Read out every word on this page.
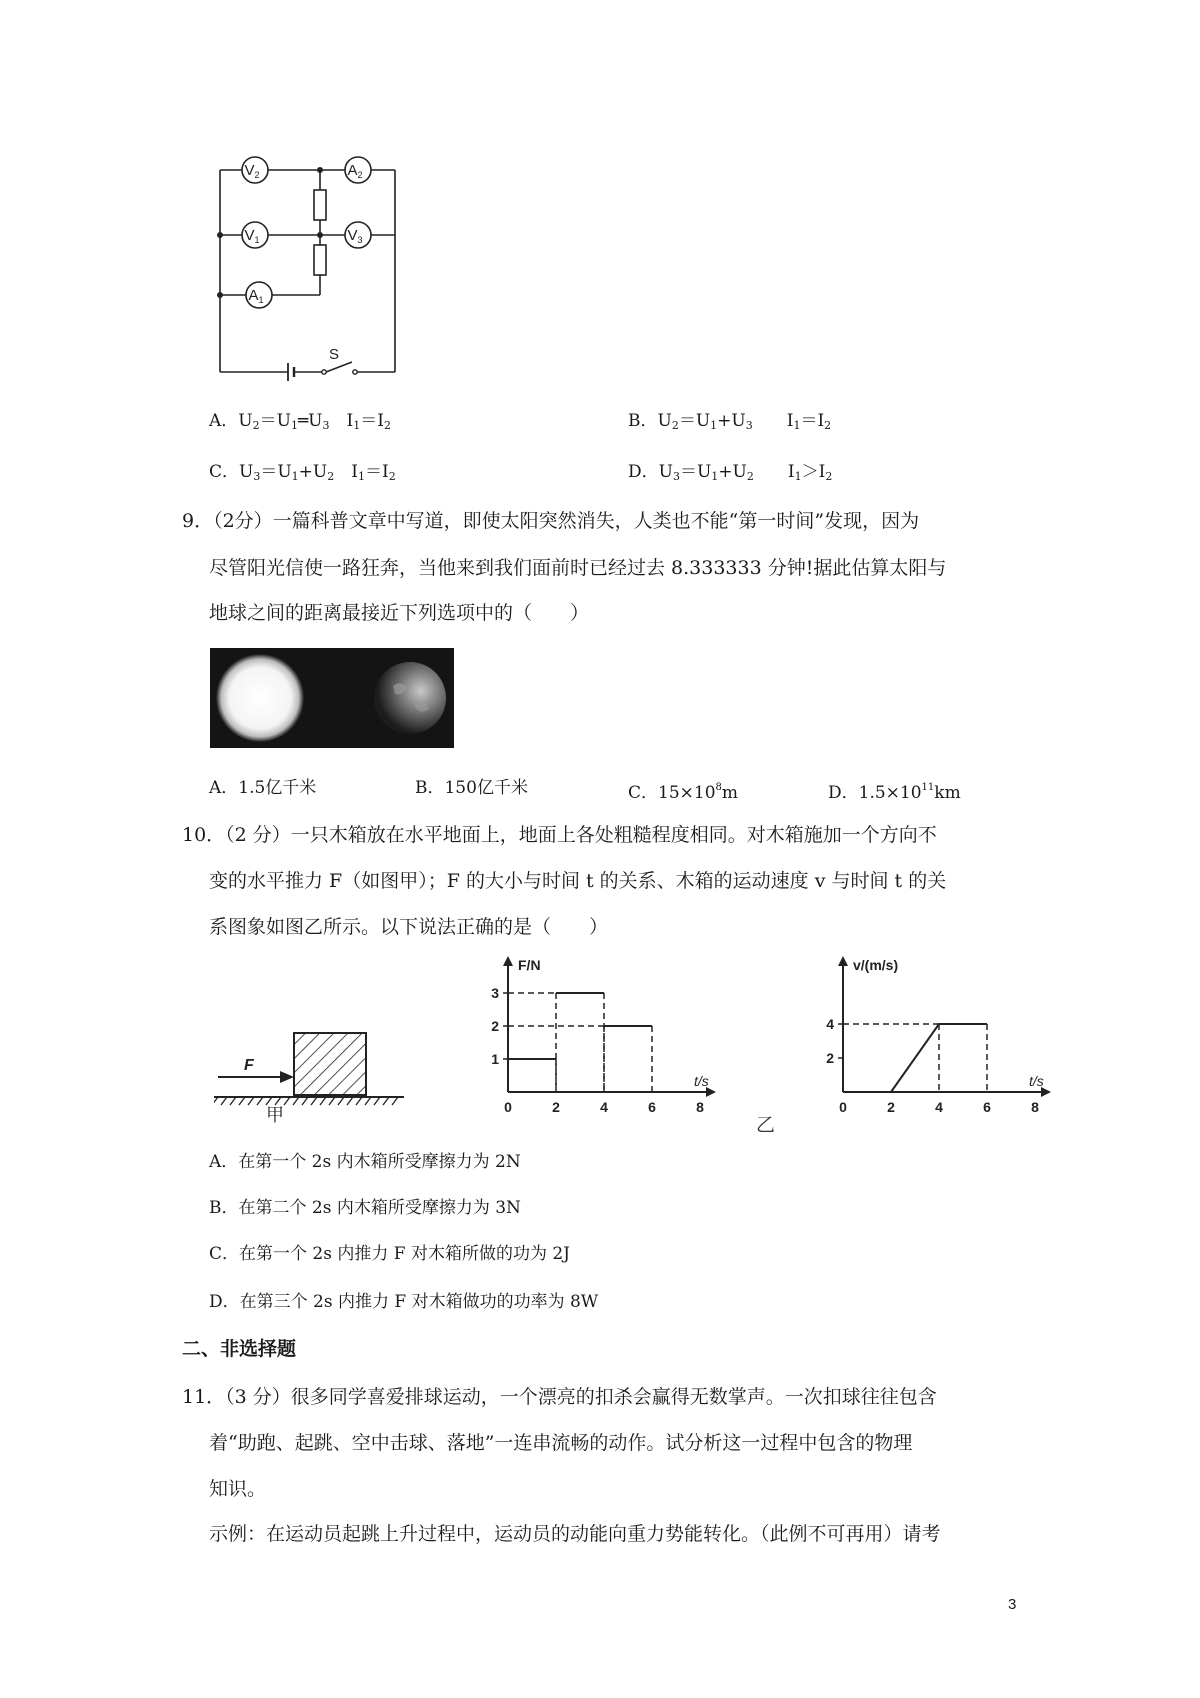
$V_2$	$A_2$
$V_1$	$V_3$
$A_1$
S
A．$U_2=U_1═U_3$　$I_1=I_2$	B．$U_2=U_1+U_3$　　$I_1=I_2$
C．$U_3=U_1+U_2$　$I_1=I_2$	D．$U_3=U_1+U_2$　　$I_1>I_2$
9．（2分）一篇科普文章中写道，即使太阳突然消失，人类也不能“第一时间”发现，因为
尽管阳光信使一路狂奔，当他来到我们面前时已经过去 8.333333 分钟!据此估算太阳与
地球之间的距离最接近下列选项中的（　　）
A．1.5亿千米	B．150亿千米	C．$15\times 10^8m$	D．$1.5\times 10^{11}km$
10．（2 分）一只木箱放在水平地面上，地面上各处粗糙程度相同。对木箱施加一个方向不
变的水平推力 F（如图甲）；F 的大小与时间 t 的关系、木箱的运动速度 v 与时间 t 的关
系图象如图乙所示。以下说法正确的是（　　）
F
甲
F/N
t/s
0	2	4	6	8
1
2
3
v/(m/s)
t/s
0	2	4	6	8
2
4
乙
A．在第一个 2s 内木箱所受摩擦力为 2N
B．在第二个 2s 内木箱所受摩擦力为 3N
C．在第一个 2s 内推力 F 对木箱所做的功为 2J
D．在第三个 2s 内推力 F 对木箱做功的功率为 8W
二、非选择题
11．（3 分）很多同学喜爱排球运动，一个漂亮的扣杀会赢得无数掌声。一次扣球往往包含
着“助跑、起跳、空中击球、落地”一连串流畅的动作。试分析这一过程中包含的物理
知识。
示例：在运动员起跳上升过程中，运动员的动能向重力势能转化。（此例不可再用）请考
3
